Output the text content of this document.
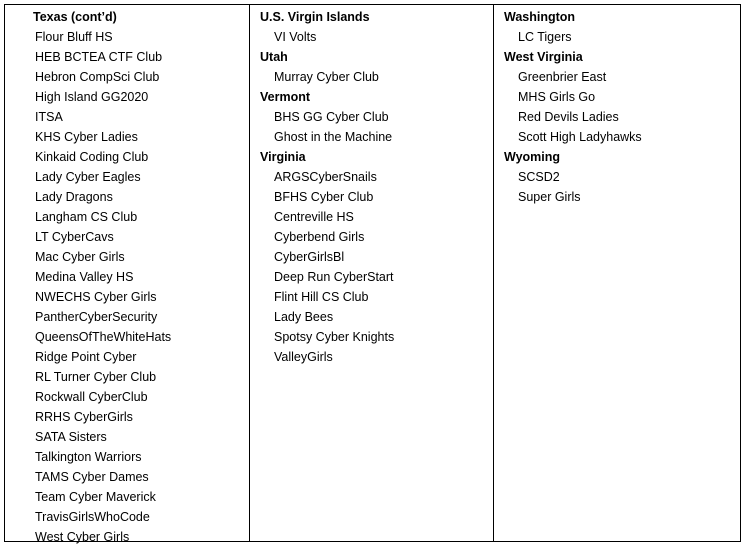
Texas (cont’d)
Flour Bluff HS
HEB BCTEA CTF Club
Hebron CompSci Club
High Island GG2020
ITSA
KHS Cyber Ladies
Kinkaid Coding Club
Lady Cyber Eagles
Lady Dragons
Langham CS Club
LT CyberCavs
Mac Cyber Girls
Medina Valley HS
NWECHS Cyber Girls
PantherCyberSecurity
QueensOfTheWhiteHats
Ridge Point Cyber
RL Turner Cyber Club
Rockwall CyberClub
RRHS CyberGirls
SATA Sisters
Talkington Warriors
TAMS Cyber Dames
Team Cyber Maverick
TravisGirlsWhoCode
West Cyber Girls
U.S. Virgin Islands
VI Volts
Utah
Murray Cyber Club
Vermont
BHS GG Cyber Club
Ghost in the Machine
Virginia
ARGSCyberSnails
BFHS Cyber Club
Centreville HS
Cyberbend Girls
CyberGirlsBl
Deep Run CyberStart
Flint Hill CS Club
Lady Bees
Spotsy Cyber Knights
ValleyGirls
Washington
LC Tigers
West Virginia
Greenbrier East
MHS Girls Go
Red Devils Ladies
Scott High Ladyhawks
Wyoming
SCSD2
Super Girls
